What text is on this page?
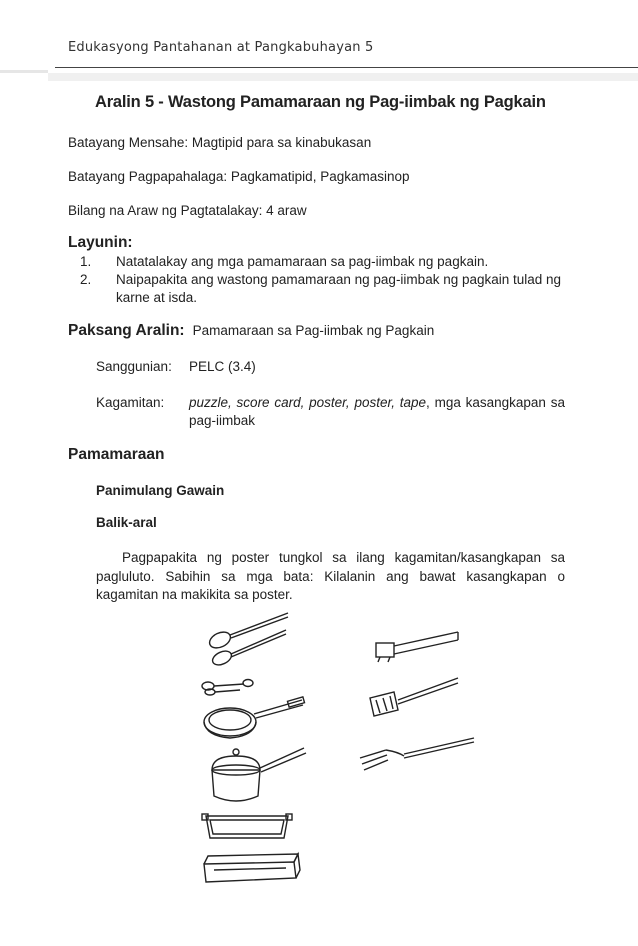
Edukasyong Pantahanan at Pangkabuhayan 5
Aralin 5 - Wastong Pamamaraan ng Pag-iimbak ng Pagkain
Batayang Mensahe: Magtipid para sa kinabukasan
Batayang Pagpapahalaga: Pagkamatipid, Pagkamasinop
Bilang na Araw ng Pagtatalakay: 4 araw
Layunin:
1. Natatalakay ang mga pamamaraan sa pag-iimbak ng pagkain.
2.	Naipapakita ang wastong pamamaraan ng pag-iimbak ng pagkain tulad ng karne at isda.
Paksang Aralin: Pamamaraan sa Pag-iimbak ng Pagkain
Sanggunian: PELC (3.4)
Kagamitan: puzzle, score card, poster, poster, tape, mga kasangkapan sa pag-iimbak
Pamamaraan
Panimulang Gawain
Balik-aral
Pagpapakita ng poster tungkol sa ilang kagamitan/kasangkapan sa pagluluto. Sabihin sa mga bata: Kilalanin ang bawat kasangkapan o kagamitan na makikita sa poster.
